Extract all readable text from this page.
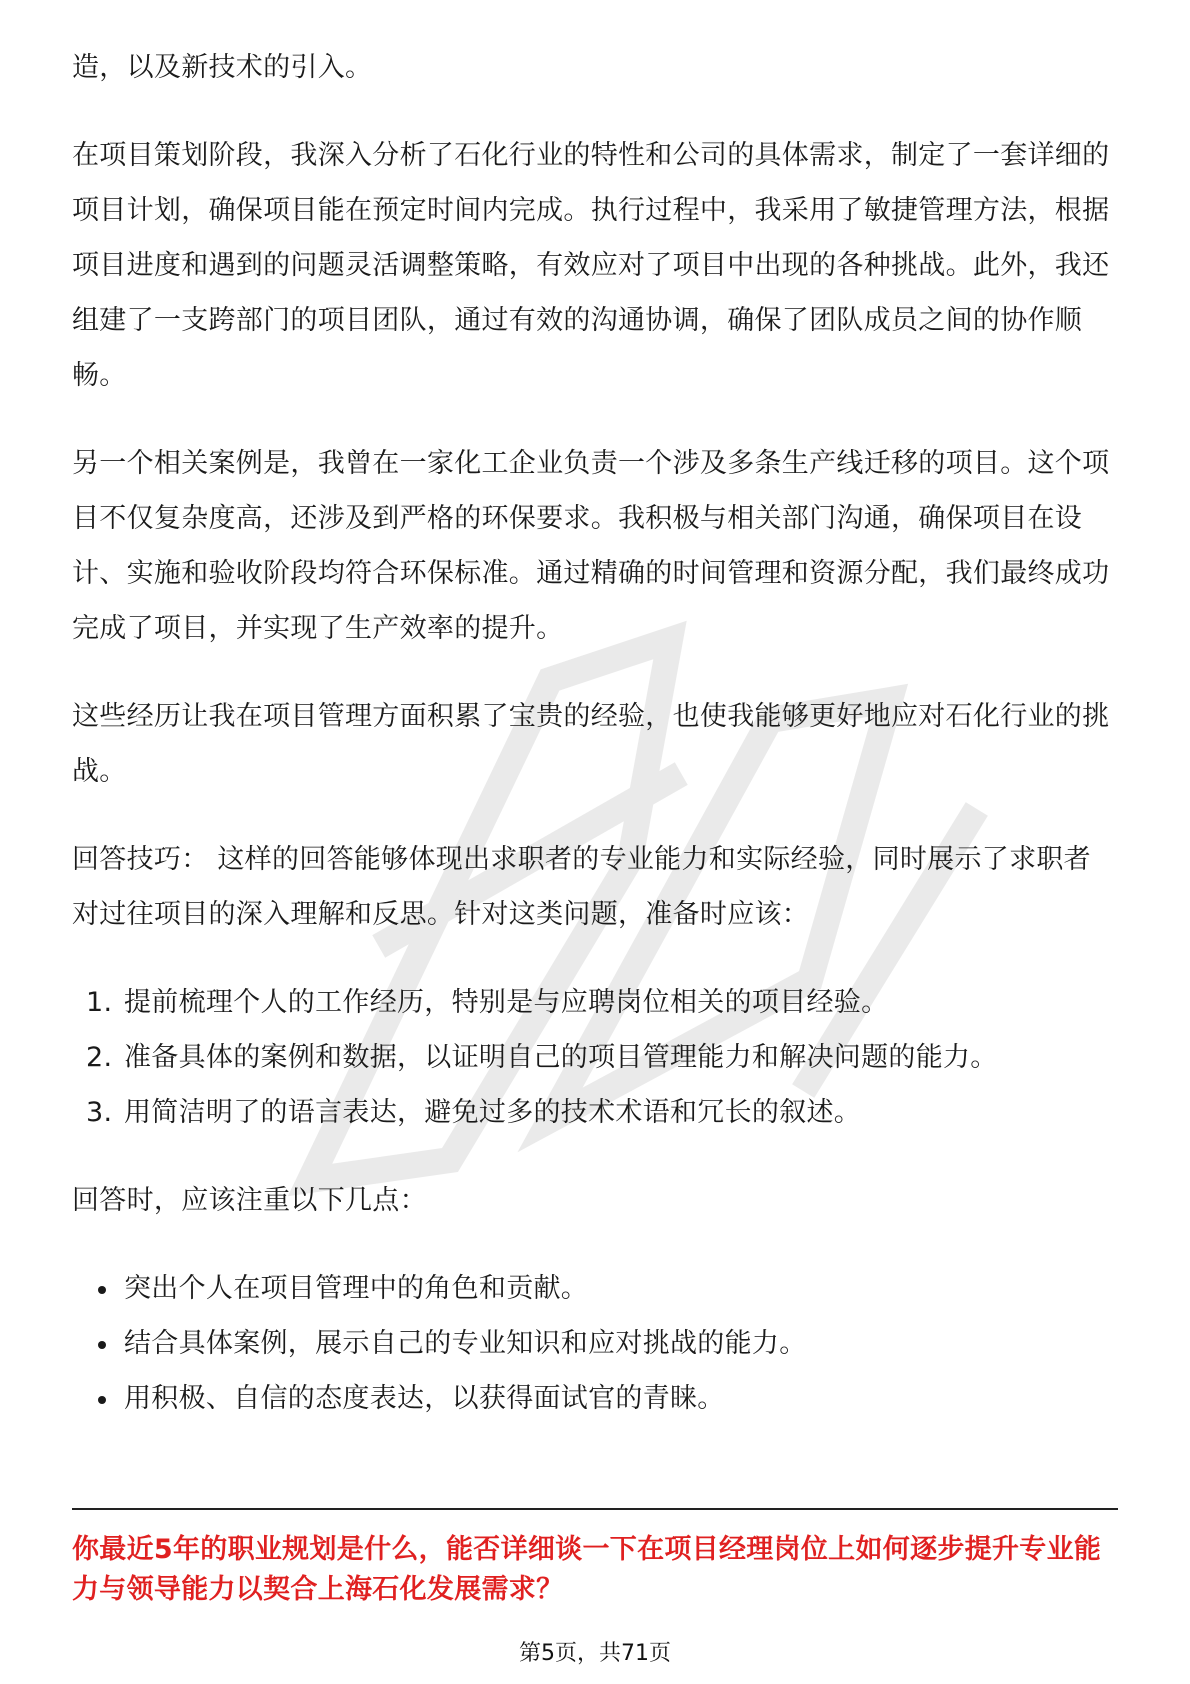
造，以及新技术的引入。

在项目策划阶段，我深入分析了石化行业的特性和公司的具体需求，制定了一套详细的项目计划，确保项目能在预定时间内完成。执行过程中，我采用了敏捷管理方法，根据项目进度和遇到的问题灵活调整策略，有效应对了项目中出现的各种挑战。此外，我还组建了一支跨部门的项目团队，通过有效的沟通协调，确保了团队成员之间的协作顺畅。

另一个相关案例是，我曾在一家化工企业负责一个涉及多条生产线迁移的项目。这个项目不仅复杂度高，还涉及到严格的环保要求。我积极与相关部门沟通，确保项目在设计、实施和验收阶段均符合环保标准。通过精确的时间管理和资源分配，我们最终成功完成了项目，并实现了生产效率的提升。

这些经历让我在项目管理方面积累了宝贵的经验，也使我能够更好地应对石化行业的挑战。

回答技巧： 这样的回答能够体现出求职者的专业能力和实际经验，同时展示了求职者对过往项目的深入理解和反思。针对这类问题，准备时应该：

1. 提前梳理个人的工作经历，特别是与应聘岗位相关的项目经验。
2. 准备具体的案例和数据，以证明自己的项目管理能力和解决问题的能力。
3. 用简洁明了的语言表达，避免过多的技术术语和冗长的叙述。

回答时，应该注重以下几点：

突出个人在项目管理中的角色和贡献。
结合具体案例，展示自己的专业知识和应对挑战的能力。
用积极、自信的态度表达，以获得面试官的青睐。
你最近5年的职业规划是什么，能否详细谈一下在项目经理岗位上如何逐步提升专业能力与领导能力以契合上海石化发展需求？
第5页，共71页
